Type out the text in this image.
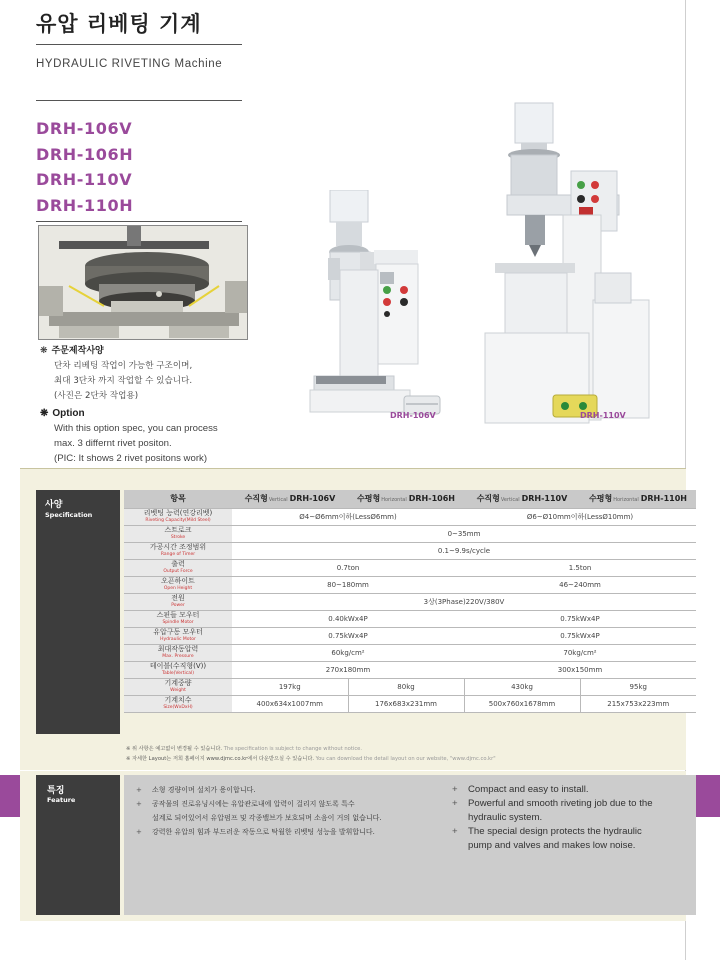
유압 리베팅 기계
HYDRAULIC RIVETING Machine
DRH-106V
DRH-106H
DRH-110V
DRH-110H
❋ 주문제작사양
단차 리베팅 작업이 가능한 구조이며,
최대 3단차 까지 작업할 수 있습니다.
(사진은 2단차 작업용)
❋ Option
With this option spec, you can process
max. 3 differnt rivet positon.
(PIC: It shows 2 rivet positons work)
DRH-106V	DRH-110V
사양
Specification
항목	수직형Vertical DRH-106V	수평형Horizontal DRH-106H	수직형Vertical DRH-110V	수평형Horizontal DRH-110H

리벳팅 능력(연강리벳)
Riveting Capacity(Mild Steel)	Ø4~Ø6mm이하(LessØ6mm)		Ø6~Ø10mm이하(LessØ10mm)	

스트로크
Stroke	0~35mm			

가공시간 조정범위
Range of Timer	0.1~9.9s/cycle			

출력
Output Force	0.7ton		1.5ton	

오픈하이트
Open Height	80~180mm		46~240mm	

전원
Power	3상(3Phase)220V/380V			

스핀들 모우터
Spindle Motor	0.40kWx4P		0.75kWx4P	

유압구동 모우터
Hydraulic Motor	0.75kWx4P		0.75kWx4P	

최대작동압력
Max. Pressure	60kg/cm²		70kg/cm²	

테이블(수직형(V))
Table(Vertical)	270x180mm		300x150mm	

기계중량
Weight	197kg	80kg	430kg	95kg

기계치수
Size(WxDxH)	400x634x1007mm	176x683x231mm	500x760x1678mm	215x753x223mm
※ 위 사항은 예고없이 변경될 수 있습니다. The specification is subject to change without notice.
※ 자세한 Layout는 저희 홈페이지 www.djmc.co.kr에서 다운받으실 수 있습니다. You can download the detail layout on our website, "www.djmc.co.kr"
특징
Feature
+ 소형 경량이며 설치가 용이합니다.
+ 공작물의 진로유닝시에는 유압관로내에 압력이 걸리지 않도록 특수
설계로 되어있어서 유압펌프 및 각종밸브가 보호되며 소음이 거의 없습니다.
+ 강력한 유압의 힘과 부드러운 작동으로 탁월한 리벳팅 성능을 발휘합니다.
+ Compact and easy to install.
+ Powerful and smooth riveting job due to the
hydraulic system.
+ The special design protects the hydraulic
pump and valves and makes low noise.
